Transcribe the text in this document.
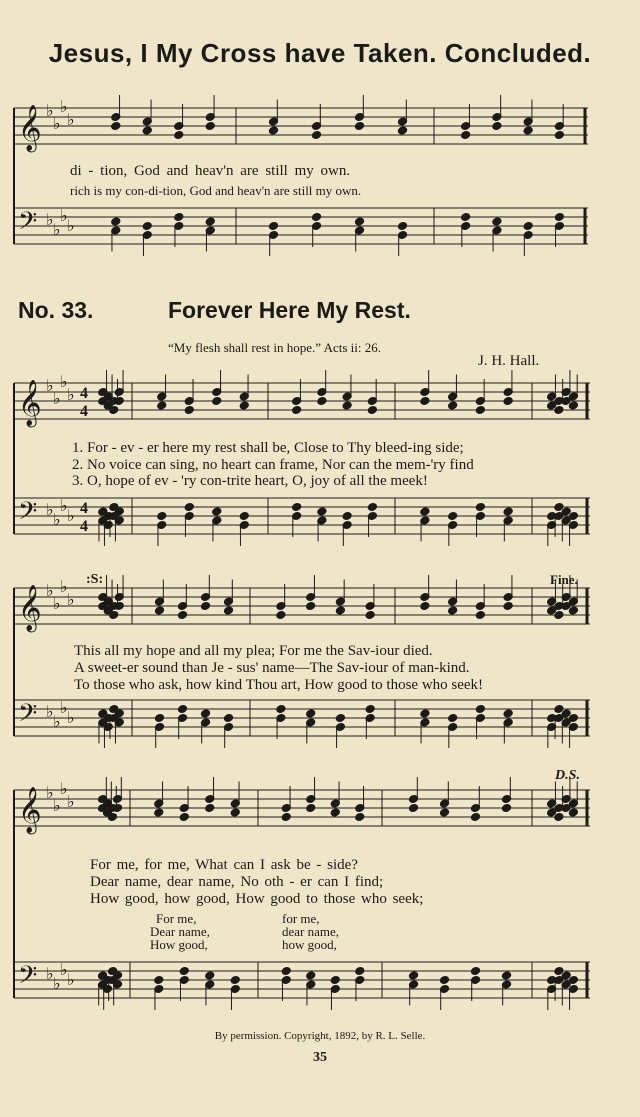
𝄞
𝄢
♭
♭
♭
♭
♭
♭
♭
♭
𝄞
𝄢
♭
♭
♭
♭
♭
♭
♭
♭
𝄞
𝄢
♭
♭
♭
♭
♭
♭
♭
♭
𝄞
𝄢
♭
♭
♭
♭
♭
♭
♭
♭
4
4
4
4
Jesus, I My Cross have Taken. Concluded.
di - tion, God and heav'n are still my own.
rich is my con-di-tion, God and heav'n are still my own.
No. 33.	Forever Here My Rest.
“My flesh shall rest in hope.” Acts ii: 26.
J. H. Hall.
1. For - ev - er here my rest shall be, Close to Thy bleed-ing side;
2. No voice can sing, no heart can frame, Nor can the mem-'ry find
3. O, hope of ev - 'ry con-trite heart, O, joy of all the meek!
:S:	Fine.
This all my hope and all my plea; For me the Sav-iour died.
A sweet-er sound than Je - sus' name—The Sav-iour of man-kind.
To those who ask, how kind Thou art, How good to those who seek!
D.S.
For me, for me, What can I ask be - side?
Dear name, dear name, No oth - er can I find;
How good, how good, How good to those who seek;
For me,	for me,
Dear name,	dear name,
How good,	how good,
By permission. Copyright, 1892, by R. L. Selle.
35
